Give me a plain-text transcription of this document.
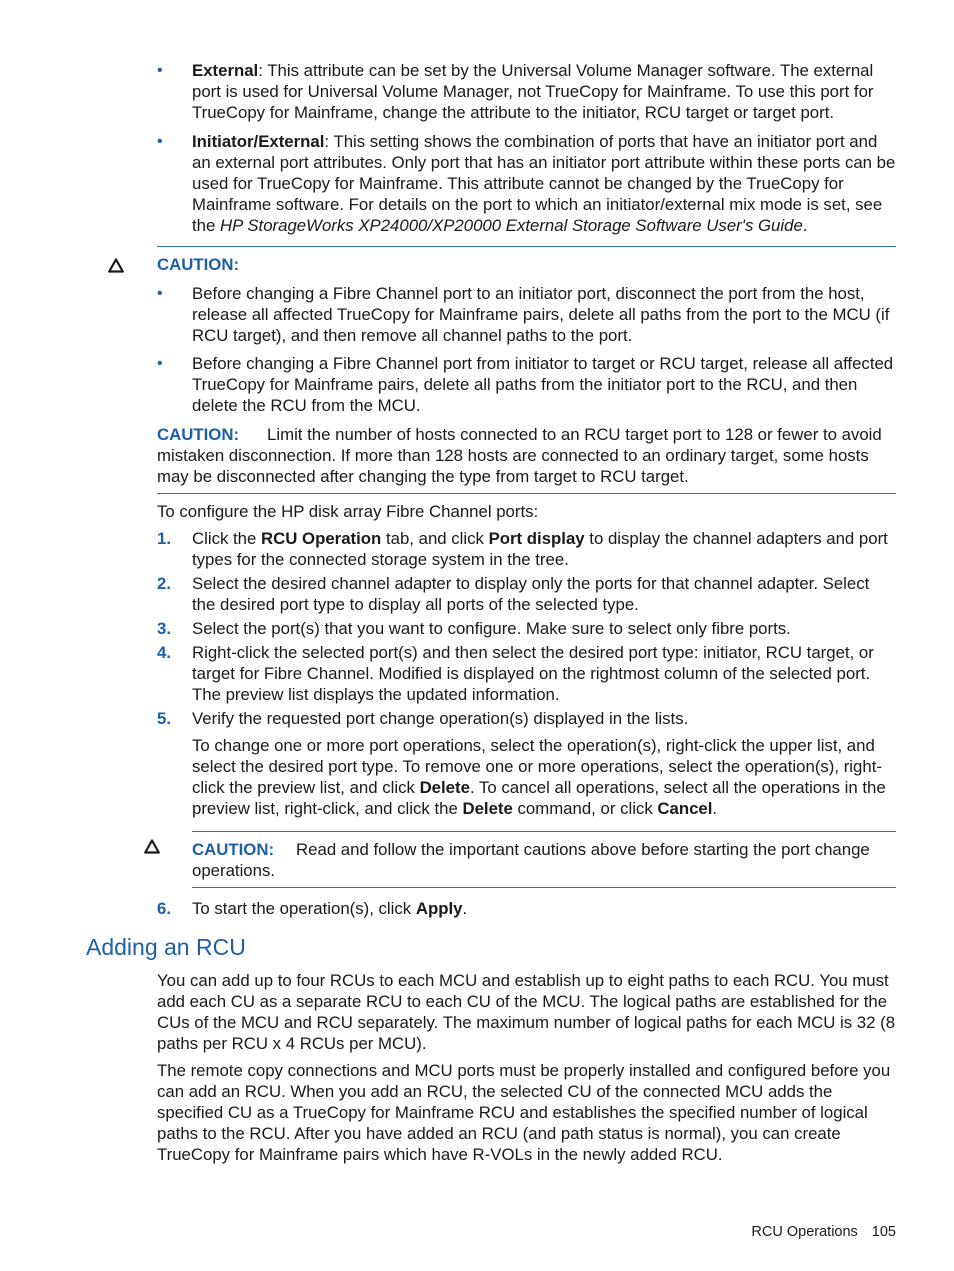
• External: This attribute can be set by the Universal Volume Manager software. The external port is used for Universal Volume Manager, not TrueCopy for Mainframe. To use this port for TrueCopy for Mainframe, change the attribute to the initiator, RCU target or target port.
• Initiator/External: This setting shows the combination of ports that have an initiator port and an external port attributes. Only port that has an initiator port attribute within these ports can be used for TrueCopy for Mainframe. This attribute cannot be changed by the TrueCopy for Mainframe software. For details on the port to which an initiator/external mix mode is set, see the HP StorageWorks XP24000/XP20000 External Storage Software User's Guide.

CAUTION:

• Before changing a Fibre Channel port to an initiator port, disconnect the port from the host, release all affected TrueCopy for Mainframe pairs, delete all paths from the port to the MCU (if RCU target), and then remove all channel paths to the port.
• Before changing a Fibre Channel port from initiator to target or RCU target, release all affected TrueCopy for Mainframe pairs, delete all paths from the initiator port to the RCU, and then delete the RCU from the MCU.

CAUTION: Limit the number of hosts connected to an RCU target port to 128 or fewer to avoid mistaken disconnection. If more than 128 hosts are connected to an ordinary target, some hosts may be disconnected after changing the type from target to RCU target.

To configure the HP disk array Fibre Channel ports:

1. Click the RCU Operation tab, and click Port display to display the channel adapters and port types for the connected storage system in the tree.
2. Select the desired channel adapter to display only the ports for that channel adapter. Select the desired port type to display all ports of the selected type.
3. Select the port(s) that you want to configure. Make sure to select only fibre ports.
4. Right-click the selected port(s) and then select the desired port type: initiator, RCU target, or target for Fibre Channel. Modified is displayed on the rightmost column of the selected port. The preview list displays the updated information.
5. Verify the requested port change operation(s) displayed in the lists.
To change one or more port operations, select the operation(s), right-click the upper list, and select the desired port type. To remove one or more operations, select the operation(s), right-click the preview list, and click Delete. To cancel all operations, select all the operations in the preview list, right-click, and click the Delete command, or click Cancel.

CAUTION: Read and follow the important cautions above before starting the port change operations.

6. To start the operation(s), click Apply.
Adding an RCU

You can add up to four RCUs to each MCU and establish up to eight paths to each RCU. You must add each CU as a separate RCU to each CU of the MCU. The logical paths are established for the CUs of the MCU and RCU separately. The maximum number of logical paths for each MCU is 32 (8 paths per RCU x 4 RCUs per MCU).

The remote copy connections and MCU ports must be properly installed and configured before you can add an RCU. When you add an RCU, the selected CU of the connected MCU adds the specified CU as a TrueCopy for Mainframe RCU and establishes the specified number of logical paths to the RCU. After you have added an RCU (and path status is normal), you can create TrueCopy for Mainframe pairs which have R-VOLs in the newly added RCU.

RCU Operations 105
